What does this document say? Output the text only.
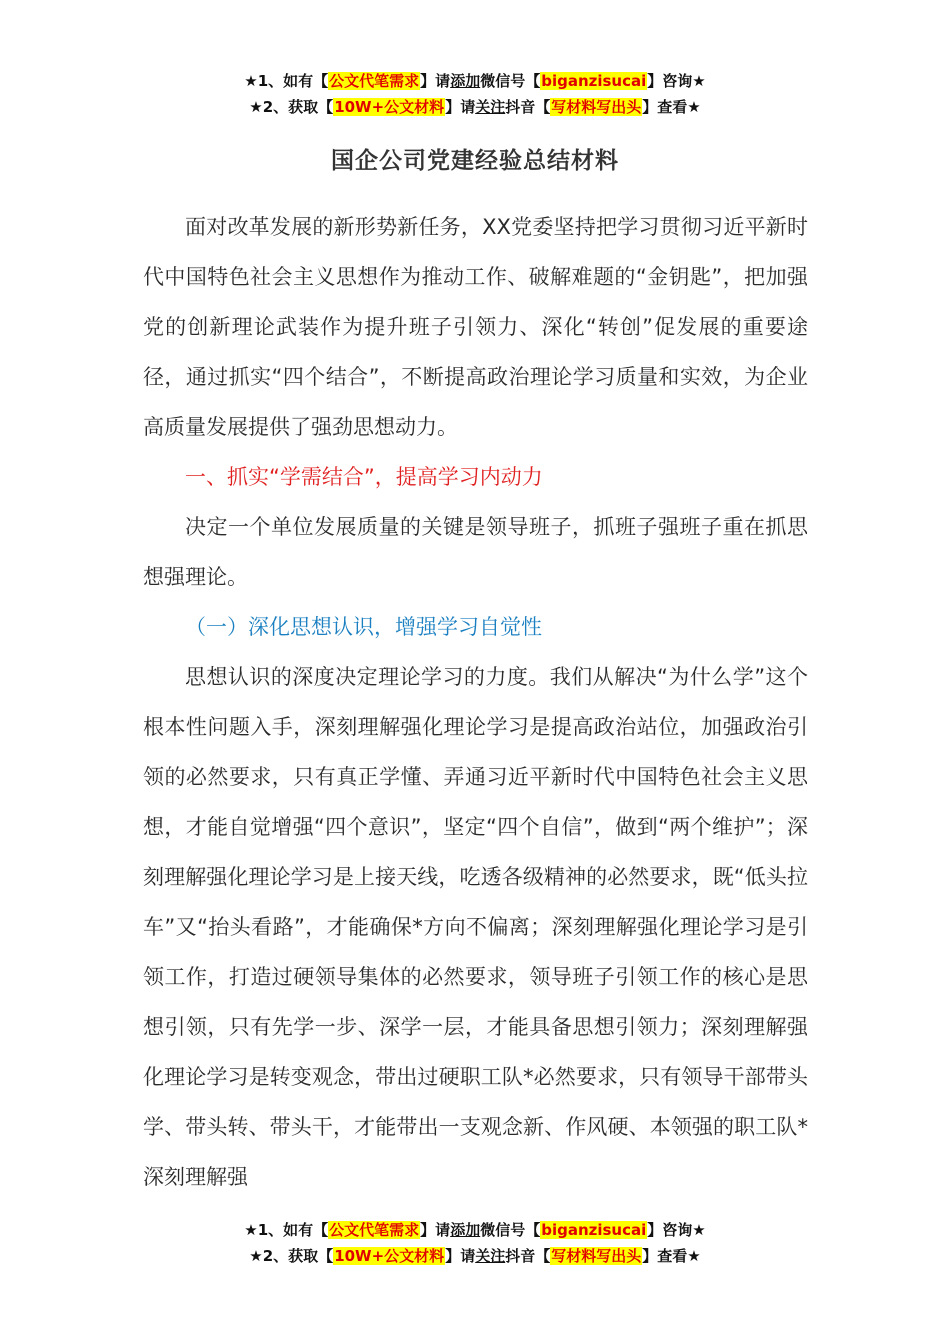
★1、如有【公文代笔需求】请添加微信号【biganzisucai】咨询★
★2、获取【10W+公文材料】请关注抖音【写材料写出头】查看★
国企公司党建经验总结材料

面对改革发展的新形势新任务，XX党委坚持把学习贯彻习近平新时代中国特色社会主义思想作为推动工作、破解难题的“金钥匙”，把加强党的创新理论武装作为提升班子引领力、深化“转创”促发展的重要途径，通过抓实“四个结合”，不断提高政治理论学习质量和实效，为企业高质量发展提供了强劲思想动力。

一、抓实“学需结合”，提高学习内动力

决定一个单位发展质量的关键是领导班子，抓班子强班子重在抓思想强理论。

（一）深化思想认识，增强学习自觉性

思想认识的深度决定理论学习的力度。我们从解决“为什么学”这个根本性问题入手，深刻理解强化理论学习是提高政治站位，加强政治引领的必然要求，只有真正学懂、弄通习近平新时代中国特色社会主义思想，才能自觉增强“四个意识”，坚定“四个自信”，做到“两个维护”；深刻理解强化理论学习是上接天线，吃透各级精神的必然要求，既“低头拉车”又“抬头看路”，才能确保*方向不偏离；深刻理解强化理论学习是引领工作，打造过硬领导集体的必然要求，领导班子引领工作的核心是思想引领，只有先学一步、深学一层，才能具备思想引领力；深刻理解强化理论学习是转变观念，带出过硬职工队*必然要求，只有领导干部带头学、带头转、带头干，才能带出一支观念新、作风硬、本领强的职工队*深刻理解强

★1、如有【公文代笔需求】请添加微信号【biganzisucai】咨询★
★2、获取【10W+公文材料】请关注抖音【写材料写出头】查看★
